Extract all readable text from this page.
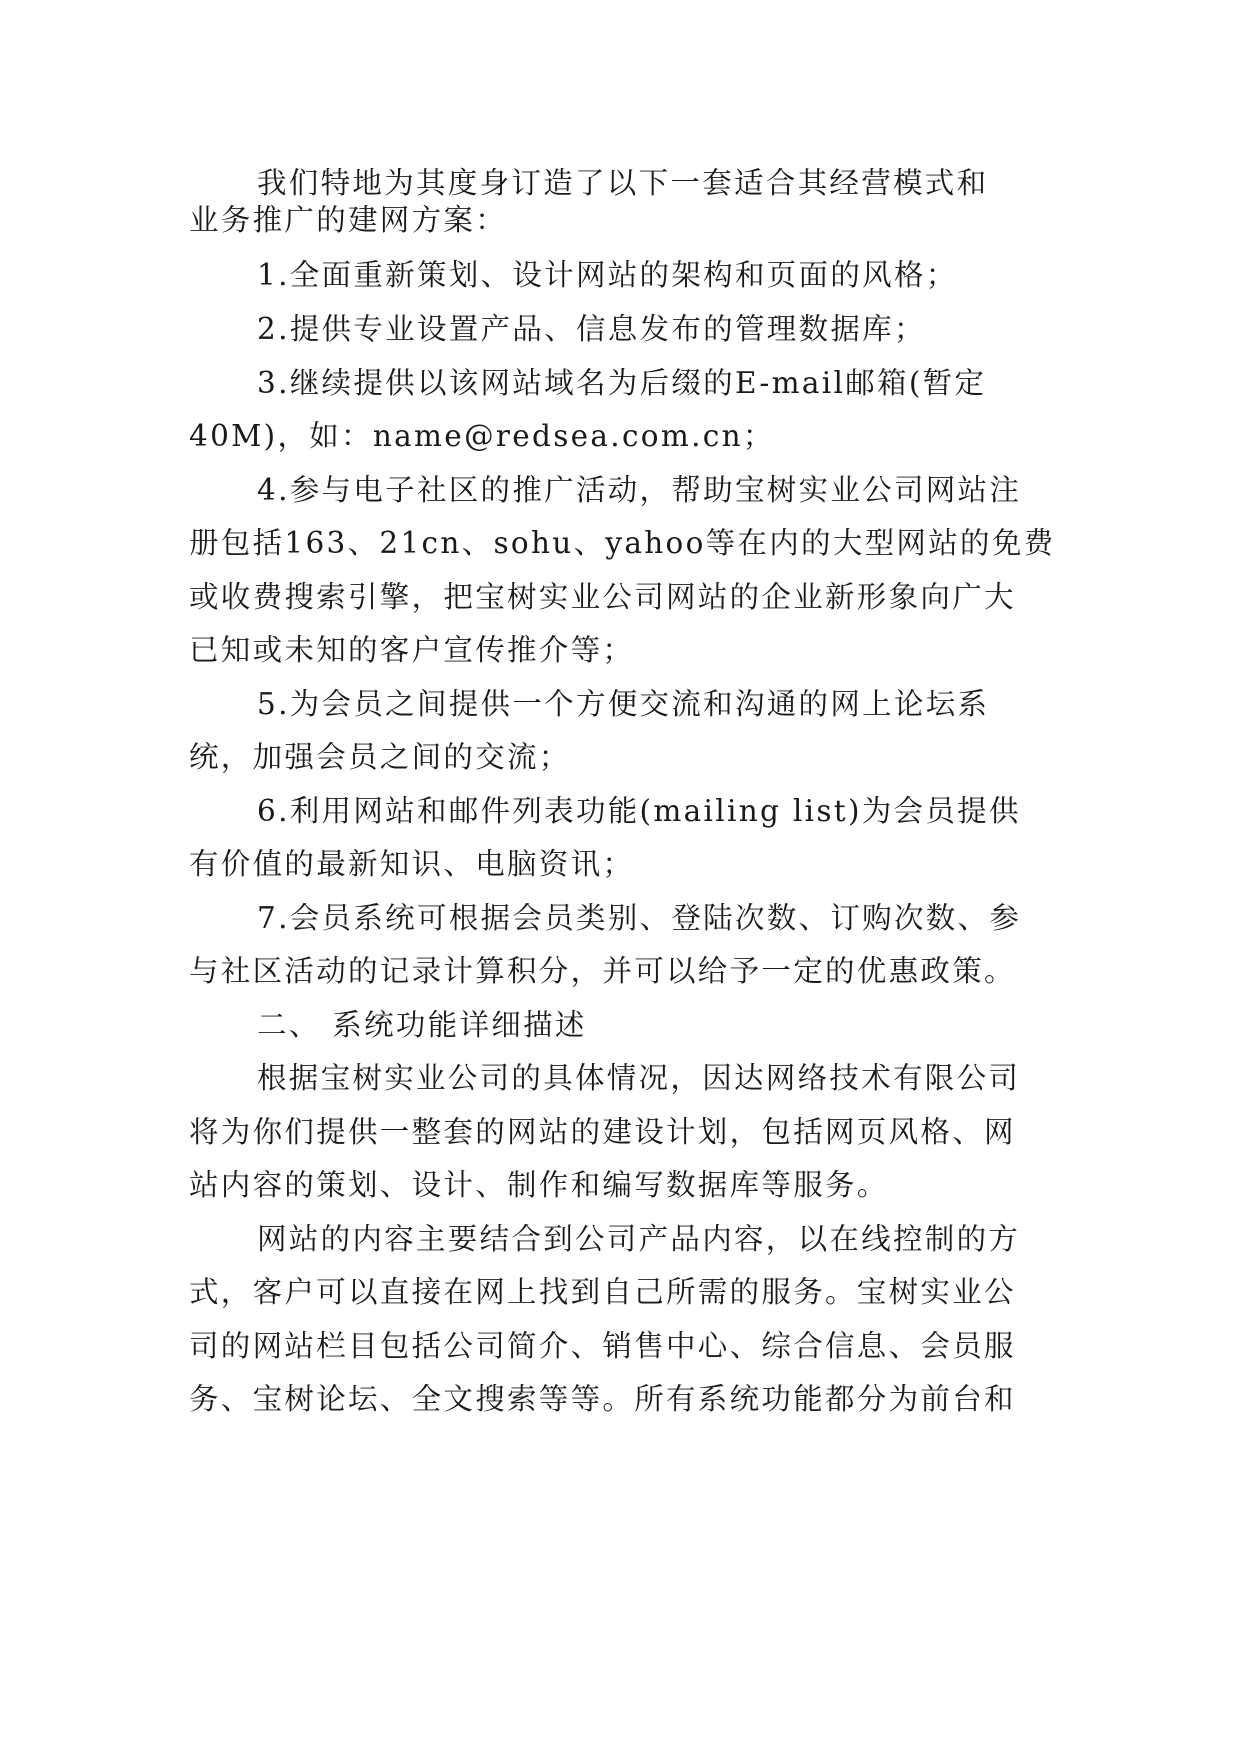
我们特地为其度身订造了以下一套适合其经营模式和
业务推广的建网方案：
1.全面重新策划、设计网站的架构和页面的风格；
2.提供专业设置产品、信息发布的管理数据库；
3.继续提供以该网站域名为后缀的E-mail邮箱(暂定
40M)，如：name@redsea.com.cn；
4.参与电子社区的推广活动，帮助宝树实业公司网站注
册包括163、21cn、sohu、yahoo等在内的大型网站的免费
或收费搜索引擎，把宝树实业公司网站的企业新形象向广大
已知或未知的客户宣传推介等；
5.为会员之间提供一个方便交流和沟通的网上论坛系
统，加强会员之间的交流；
6.利用网站和邮件列表功能(mailing list)为会员提供
有价值的最新知识、电脑资讯；
7.会员系统可根据会员类别、登陆次数、订购次数、参
与社区活动的记录计算积分，并可以给予一定的优惠政策。
二、 系统功能详细描述
根据宝树实业公司的具体情况，因达网络技术有限公司
将为你们提供一整套的网站的建设计划，包括网页风格、网
站内容的策划、设计、制作和编写数据库等服务。
网站的内容主要结合到公司产品内容，以在线控制的方
式，客户可以直接在网上找到自己所需的服务。宝树实业公
司的网站栏目包括公司简介、销售中心、综合信息、会员服
务、宝树论坛、全文搜索等等。所有系统功能都分为前台和
